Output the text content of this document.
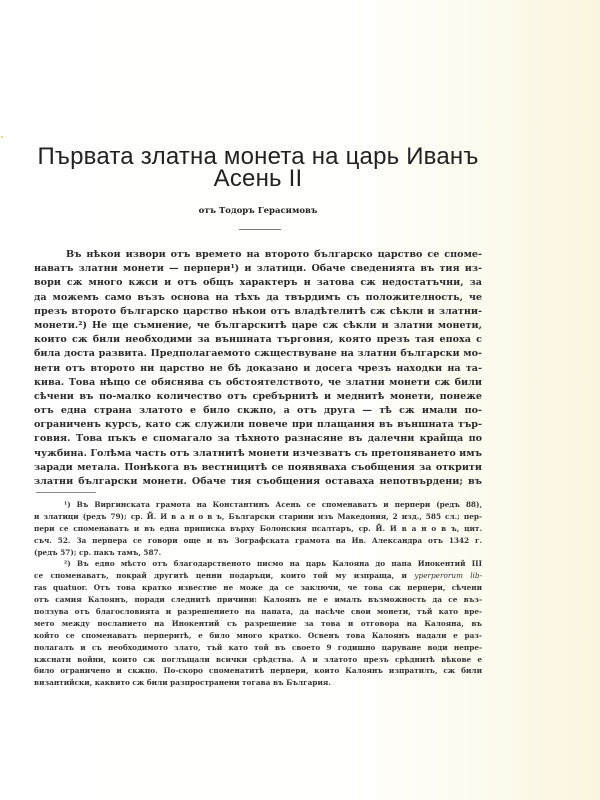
Първата златна монета на царь Иванъ
Асень II
отъ Тодоръ Герасимовъ
Въ нѣкои извори отъ времето на второто българско царство се споме-
наватъ златни монети — перпери¹) и златици. Обаче сведенията въ тия из-
вори сж много кжси и отъ общъ характеръ и затова сж недостатъчни, за
да можемъ само възъ основа на тѣхъ да твърдимъ съ положителность, че
презъ второто българско царство нѣкои отъ владѣтелитѣ сж сѣкли и златни-
монети.²) Не ще съмнение, че българскитѣ царе сж сѣкли и златни монети,
които сж били необходими за външната търговия, която презъ тая епоха с
била доста развита. Предполагаемото сжществуване на златни български мо-
нети отъ второто ни царство не бѣ доказано и досега чрезъ находки на та-
кива. Това нѣщо се обяснява съ обстоятелството, че златни монети сж били
сѣчени въ по-малко количество отъ сребърнитѣ и меднитѣ монети, понеже
отъ една страна златото е било скжпо, а отъ друга — тѣ сж имали по-
ограниченъ курсъ, като сж служили повече при плащания въ външната тър-
говия. Това пъкъ е спомагало за тѣхното разнасяне въ далечни крайща по
чужбина. Голѣма часть отъ златнитѣ монети изчезватъ съ претопяването имъ
заради метала. Понѣкога въ вестницитѣ се появяваха съобщения за открити
златни български монети. Обаче тия съобщения оставаха непотвърдени; въ
¹) Въ Виргинската грамота на Константинъ Асень се споменаватъ и перпери (редъ 88),
и златици (редъ 79); ср. Й. И в а н о в ъ, Български старини изъ Македония, 2 изд., 585 сл.; пер-
пери се споменаватъ и въ една приписка върху Болонския псалтаръ, ср. Й. И в а н о в ъ, цит.
съч. 52. За перпера се говори още и въ Зографската грамота на Ив. Александра отъ 1342 г.
(редъ 57); ср. пакъ тамъ, 587.
²) Въ едно мѣсто отъ благодарственото писмо на царь Калояна до папа Инокентий III
се споменаватъ, покрай другитѣ ценни подаръци, които той му изпраща, и yperperorum lib-
ras quatuor. Отъ това кратко известие не може да се заключи, че това сж перпери, сѣчени
отъ самия Калоянъ, поради следнитѣ причини: Калоянъ не е ималъ възможность да се въз-
ползува отъ благословията и разрешението на папата, да насѣче свои монети, тъй като вре-
мето между посланието на Инокентий съ разрешение за това и отговора на Калояна, въ
който се споменаватъ перперитѣ, е било много кратко. Освенъ това Калоянъ надали е раз-
полагалъ и съ необходимото злато, тъй като той въ своето 9 годишно царуване води непре-
кжснати войни, които сж поглъщали всички срѣдства. А и златото презъ срѣднитѣ вѣкове е
било ограничено и скжпо. По-скоро споменатитѣ перпери, които Калоянъ изпратилъ, сж били
византийски, каквито сж били разпространени тогава въ България.
